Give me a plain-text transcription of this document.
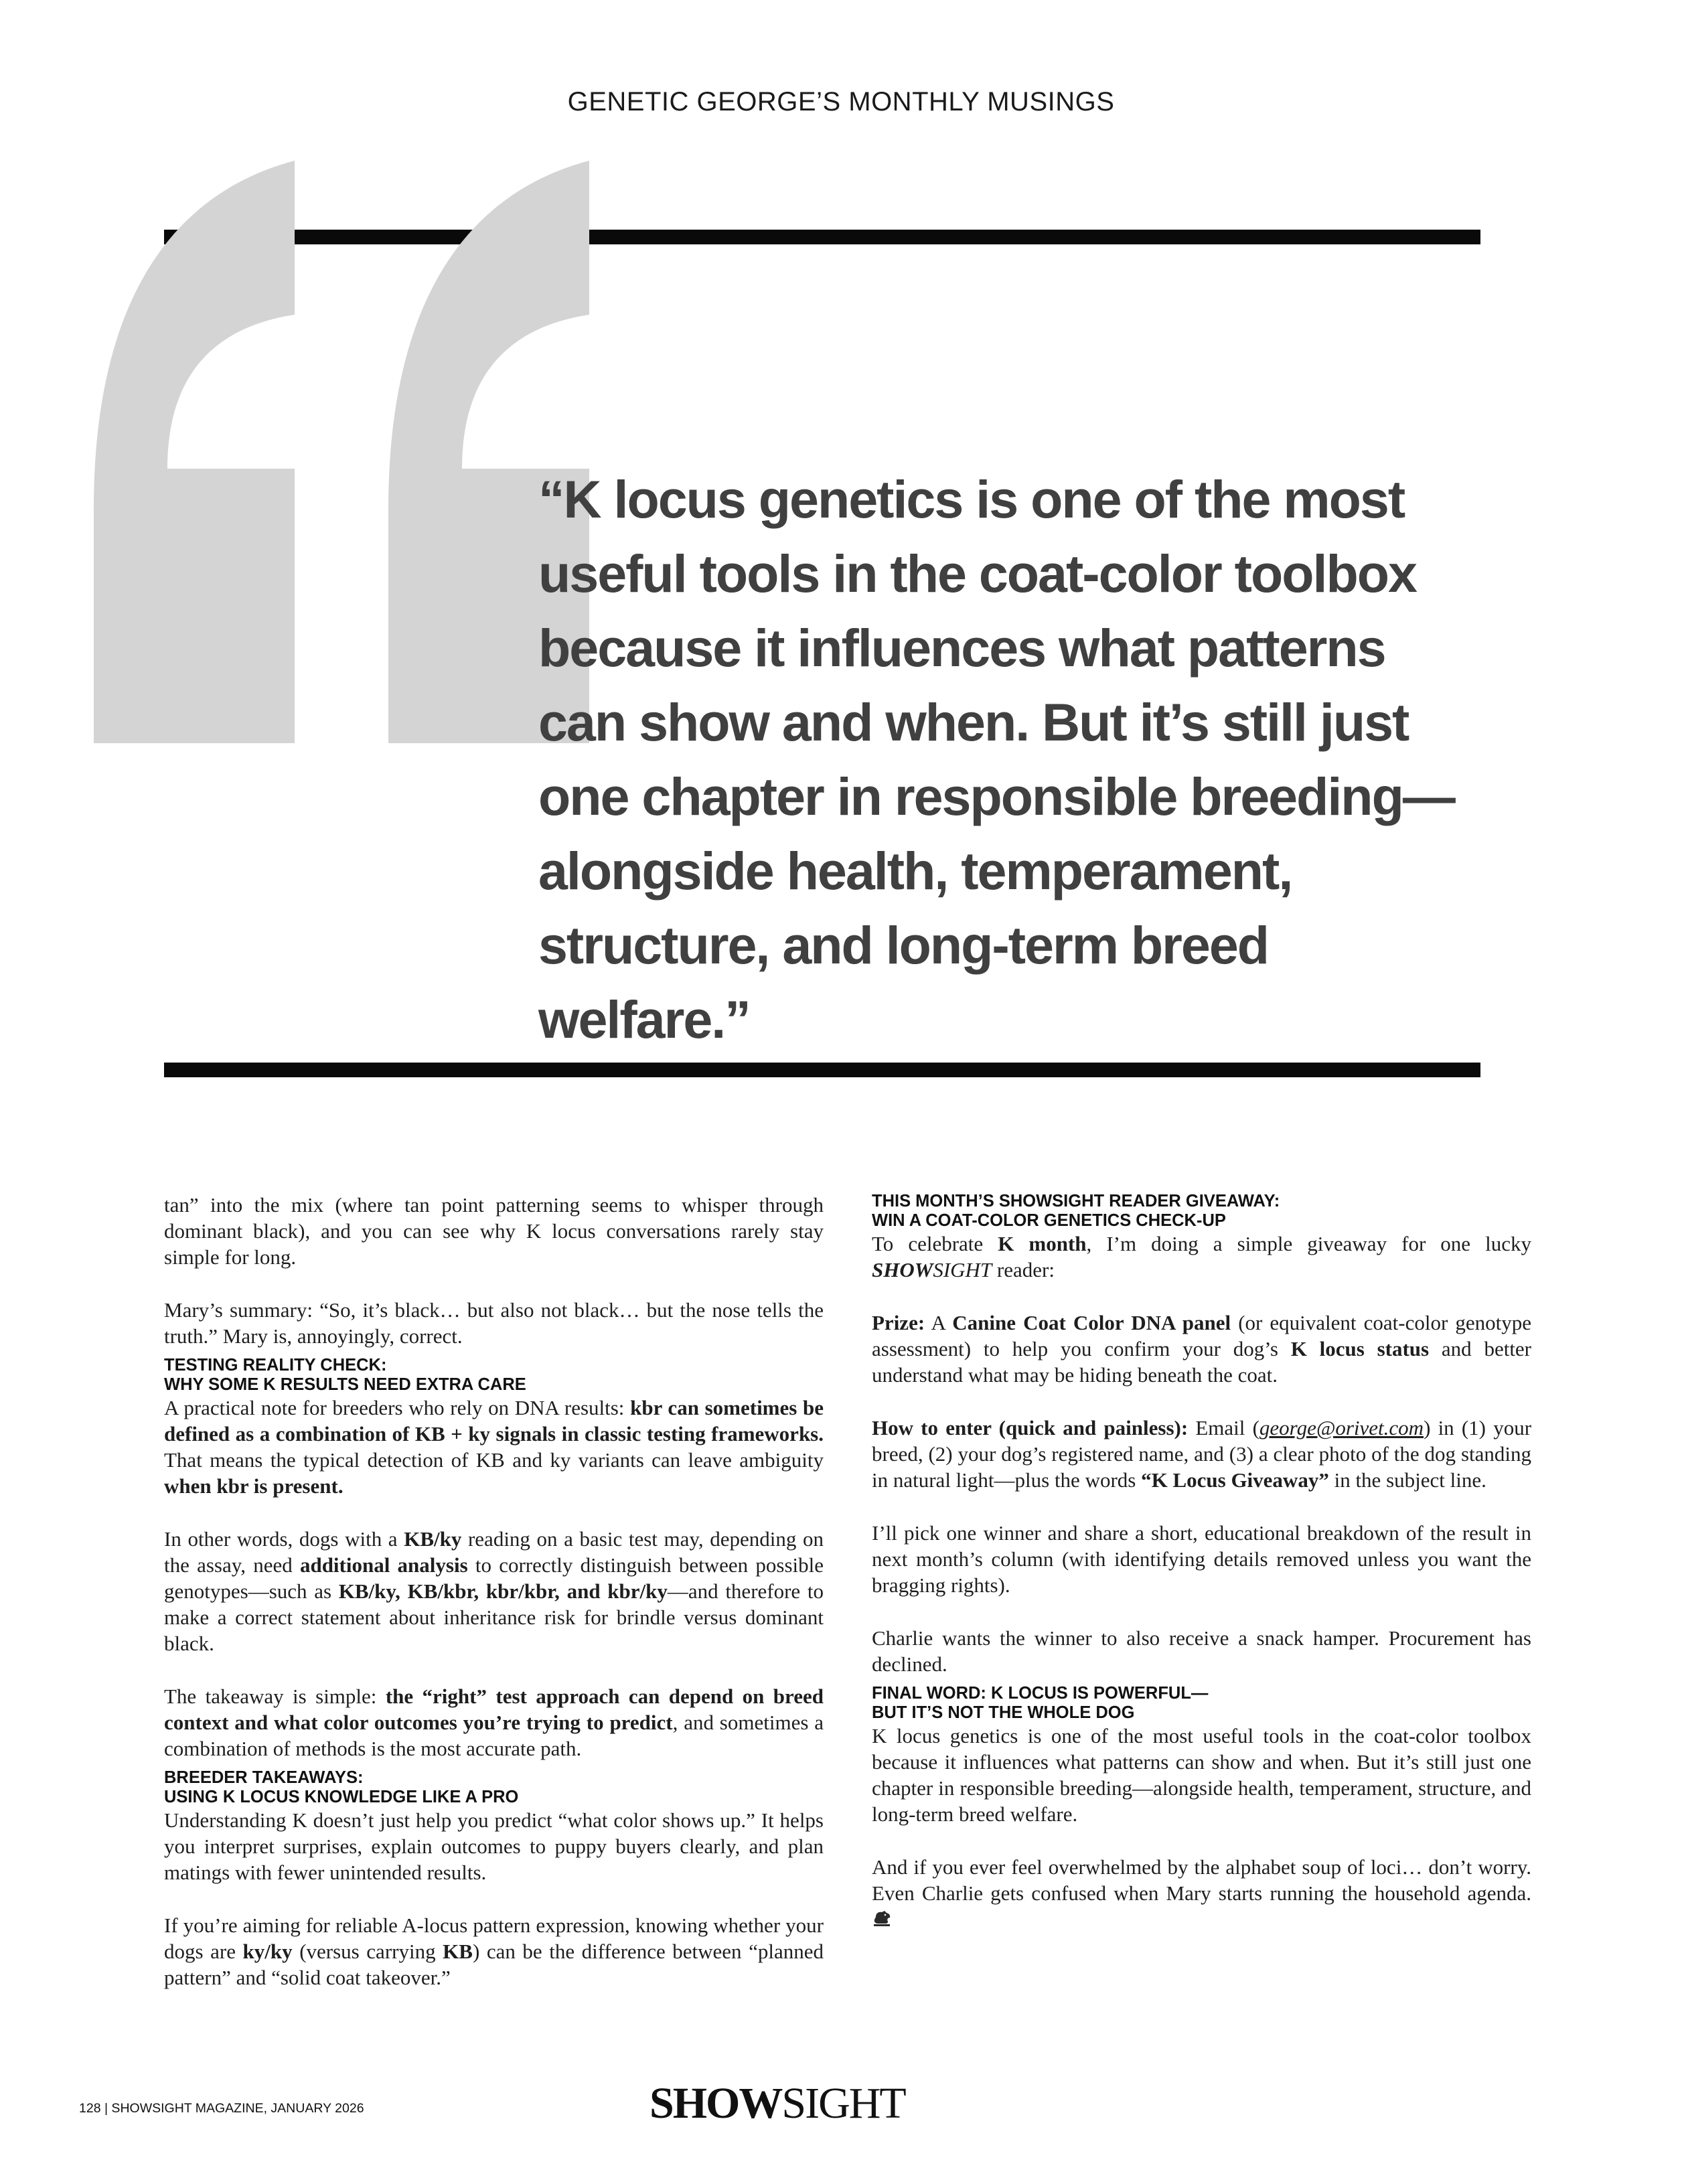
GENETIC GEORGE’S MONTHLY MUSINGS
“K locus genetics is one of the most useful tools in the coat-color toolbox because it influences what patterns can show and when. But it’s still just one chapter in responsible breeding—alongside health, temperament, structure, and long-term breed welfare.”

tan” into the mix (where tan point patterning seems to whisper through dominant black), and you can see why K locus conversations rarely stay simple for long.

Mary’s summary: “So, it’s black… but also not black… but the nose tells the truth.” Mary is, annoyingly, correct.

TESTING REALITY CHECK:
WHY SOME K RESULTS NEED EXTRA CARE

A practical note for breeders who rely on DNA results: kbr can sometimes be defined as a combination of KB + ky signals in classic testing frameworks. That means the typical detection of KB and ky variants can leave ambiguity when kbr is present.

In other words, dogs with a KB/ky reading on a basic test may, depending on the assay, need additional analysis to correctly distinguish between possible genotypes—such as KB/ky, KB/kbr, kbr/kbr, and kbr/ky—and therefore to make a correct statement about inheritance risk for brindle versus dominant black.

The takeaway is simple: the “right” test approach can depend on breed context and what color outcomes you’re trying to predict, and sometimes a combination of methods is the most accurate path.

BREEDER TAKEAWAYS:
USING K LOCUS KNOWLEDGE LIKE A PRO

Understanding K doesn’t just help you predict “what color shows up.” It helps you interpret surprises, explain outcomes to puppy buyers clearly, and plan matings with fewer unintended results.

If you’re aiming for reliable A-locus pattern expression, knowing whether your dogs are ky/ky (versus carrying KB) can be the difference between “planned pattern” and “solid coat takeover.”

THIS MONTH’S SHOWSIGHT READER GIVEAWAY:
WIN A COAT-COLOR GENETICS CHECK-UP

To celebrate K month, I’m doing a simple giveaway for one lucky SHOWSIGHT reader:

Prize: A Canine Coat Color DNA panel (or equivalent coat-color genotype assessment) to help you confirm your dog’s K locus status and better understand what may be hiding beneath the coat.

How to enter (quick and painless): Email (george@orivet.com) in (1) your breed, (2) your dog’s registered name, and (3) a clear photo of the dog standing in natural light—plus the words “K Locus Giveaway” in the subject line.

I’ll pick one winner and share a short, educational breakdown of the result in next month’s column (with identifying details removed unless you want the bragging rights).

Charlie wants the winner to also receive a snack hamper. Procurement has declined.

FINAL WORD: K LOCUS IS POWERFUL—
BUT IT’S NOT THE WHOLE DOG

K locus genetics is one of the most useful tools in the coat-color toolbox because it influences what patterns can show and when. But it’s still just one chapter in responsible breeding—alongside health, temperament, structure, and long-term breed welfare.

And if you ever feel overwhelmed by the alphabet soup of loci… don’t worry. Even Charlie gets confused when Mary starts running the household agenda.

128 | SHOWSIGHT MAGAZINE, JANUARY 2026	SHOWSIGHT
